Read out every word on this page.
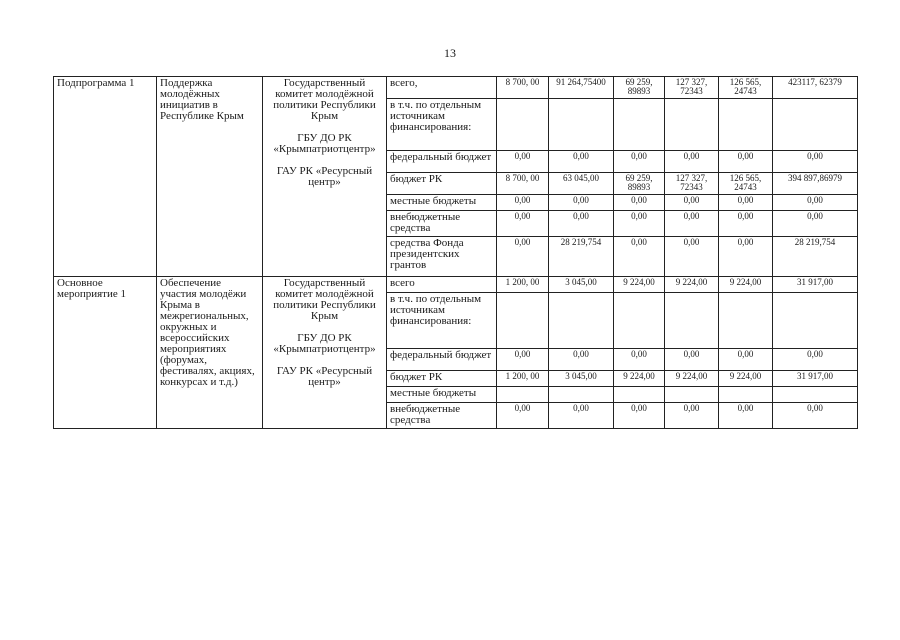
13
Подпрограмма 1	Поддержка молодёжных инициатив в Республике Крым	Государственный комитет молодёжной политики Республики Крым
ГБУ ДО РК «Крымпатриотцентр»
ГАУ РК «Ресурсный центр»	всего,	8 700, 00	91 264,75400	69 259, 89893	127 327, 72343	126 565, 24743	423117, 62379
			в т.ч. по отдельным источникам финансирования:						
			федеральный бюджет	0,00	0,00	0,00	0,00	0,00	0,00
			бюджет РК	8 700, 00	63 045,00	69 259, 89893	127 327, 72343	126 565, 24743	394 897,86979
			местные бюджеты	0,00	0,00	0,00	0,00	0,00	0,00
			внебюджетные средства	0,00	0,00	0,00	0,00	0,00	0,00
			средства Фонда президентских грантов	0,00	28 219,754	0,00	0,00	0,00	28 219,754
Основное мероприятие 1	Обеспечение участия молодёжи Крыма в межрегиональных, окружных и всероссийских мероприятиях (форумах, фестивалях, акциях, конкурсах и т.д.)	Государственный комитет молодёжной политики Республики Крым
ГБУ ДО РК «Крымпатриотцентр»
ГАУ РК «Ресурсный центр»	всего	1 200, 00	3 045,00	9 224,00	9 224,00	9 224,00	31 917,00
			в т.ч. по отдельным источникам финансирования:						
			федеральный бюджет	0,00	0,00	0,00	0,00	0,00	0,00
			бюджет РК	1 200, 00	3 045,00	9 224,00	9 224,00	9 224,00	31 917,00
			местные бюджеты						
			внебюджетные средства	0,00	0,00	0,00	0,00	0,00	0,00
